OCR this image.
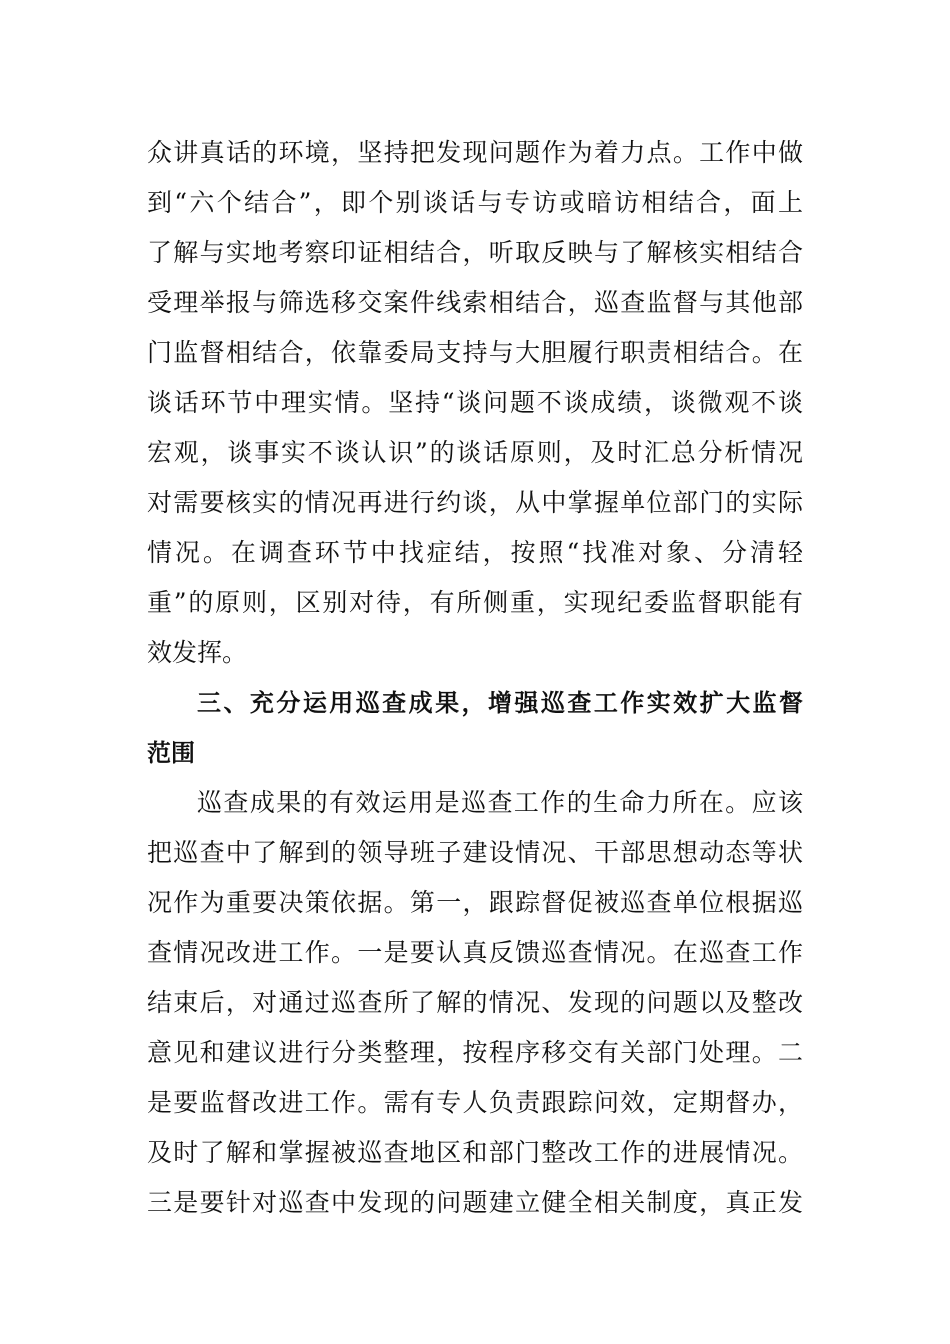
众讲真话的环境，坚持把发现问题作为着力点。工作中做
到“六个结合”，即个别谈话与专访或暗访相结合，面上
了解与实地考察印证相结合，听取反映与了解核实相结合
受理举报与筛选移交案件线索相结合，巡查监督与其他部
门监督相结合，依靠委局支持与大胆履行职责相结合。在
谈话环节中理实情。坚持“谈问题不谈成绩，谈微观不谈
宏观，谈事实不谈认识”的谈话原则，及时汇总分析情况
对需要核实的情况再进行约谈，从中掌握单位部门的实际
情况。在调查环节中找症结，按照“找准对象、分清轻
重”的原则，区别对待，有所侧重，实现纪委监督职能有
效发挥。
三、充分运用巡查成果，增强巡查工作实效扩大监督
范围
巡查成果的有效运用是巡查工作的生命力所在。应该
把巡查中了解到的领导班子建设情况、干部思想动态等状
况作为重要决策依据。第一，跟踪督促被巡查单位根据巡
查情况改进工作。一是要认真反馈巡查情况。在巡查工作
结束后，对通过巡查所了解的情况、发现的问题以及整改
意见和建议进行分类整理，按程序移交有关部门处理。二
是要监督改进工作。需有专人负责跟踪问效，定期督办，
及时了解和掌握被巡查地区和部门整改工作的进展情况。
三是要针对巡查中发现的问题建立健全相关制度，真正发
